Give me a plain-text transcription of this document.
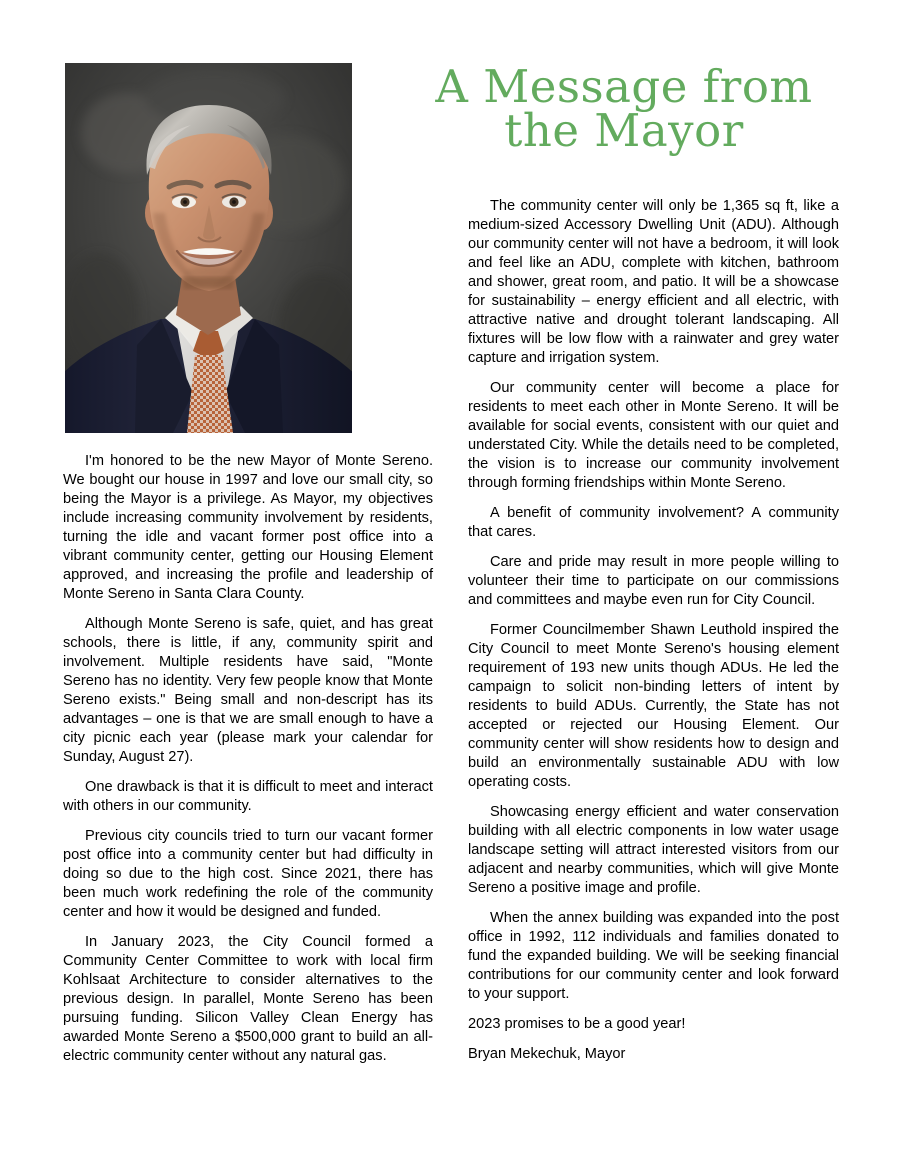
A Message from
the Mayor

I'm honored to be the new Mayor of Monte Sereno. We bought our house in 1997 and love our small city, so being the Mayor is a privilege. As Mayor, my objectives include increasing community involvement by residents, turning the idle and vacant former post office into a vibrant community center, getting our Housing Element approved, and increasing the profile and leadership of Monte Sereno in Santa Clara County.

Although Monte Sereno is safe, quiet, and has great schools, there is little, if any, community spirit and involvement. Multiple residents have said, "Monte Sereno has no identity. Very few people know that Monte Sereno exists." Being small and non-descript has its advantages – one is that we are small enough to have a city picnic each year (please mark your calendar for Sunday, August 27).

One drawback is that it is difficult to meet and interact with others in our community.

Previous city councils tried to turn our vacant former post office into a community center but had difficulty in doing so due to the high cost. Since 2021, there has been much work redefining the role of the community center and how it would be designed and funded.

In January 2023, the City Council formed a Community Center Committee to work with local firm Kohlsaat Architecture to consider alternatives to the previous design. In parallel, Monte Sereno has been pursuing funding. Silicon Valley Clean Energy has awarded Monte Sereno a $500,000 grant to build an all-electric community center without any natural gas.

The community center will only be 1,365 sq ft, like a medium-sized Accessory Dwelling Unit (ADU). Although our community center will not have a bedroom, it will look and feel like an ADU, complete with kitchen, bathroom and shower, great room, and patio. It will be a showcase for sustainability – energy efficient and all electric, with attractive native and drought tolerant landscaping. All fixtures will be low flow with a rainwater and grey water capture and irrigation system.

Our community center will become a place for residents to meet each other in Monte Sereno. It will be available for social events, consistent with our quiet and understated City. While the details need to be completed, the vision is to increase our community involvement through forming friendships within Monte Sereno.

A benefit of community involvement? A community that cares.

Care and pride may result in more people willing to volunteer their time to participate on our commissions and committees and maybe even run for City Council.

Former Councilmember Shawn Leuthold inspired the City Council to meet Monte Sereno's housing element requirement of 193 new units though ADUs. He led the campaign to solicit non-binding letters of intent by residents to build ADUs. Currently, the State has not accepted or rejected our Housing Element. Our community center will show residents how to design and build an environmentally sustainable ADU with low operating costs.

Showcasing energy efficient and water conservation building with all electric components in low water usage landscape setting will attract interested visitors from our adjacent and nearby communities, which will give Monte Sereno a positive image and profile.

When the annex building was expanded into the post office in 1992, 112 individuals and families donated to fund the expanded building. We will be seeking financial contributions for our community center and look forward to your support.

2023 promises to be a good year!

Bryan Mekechuk, Mayor
